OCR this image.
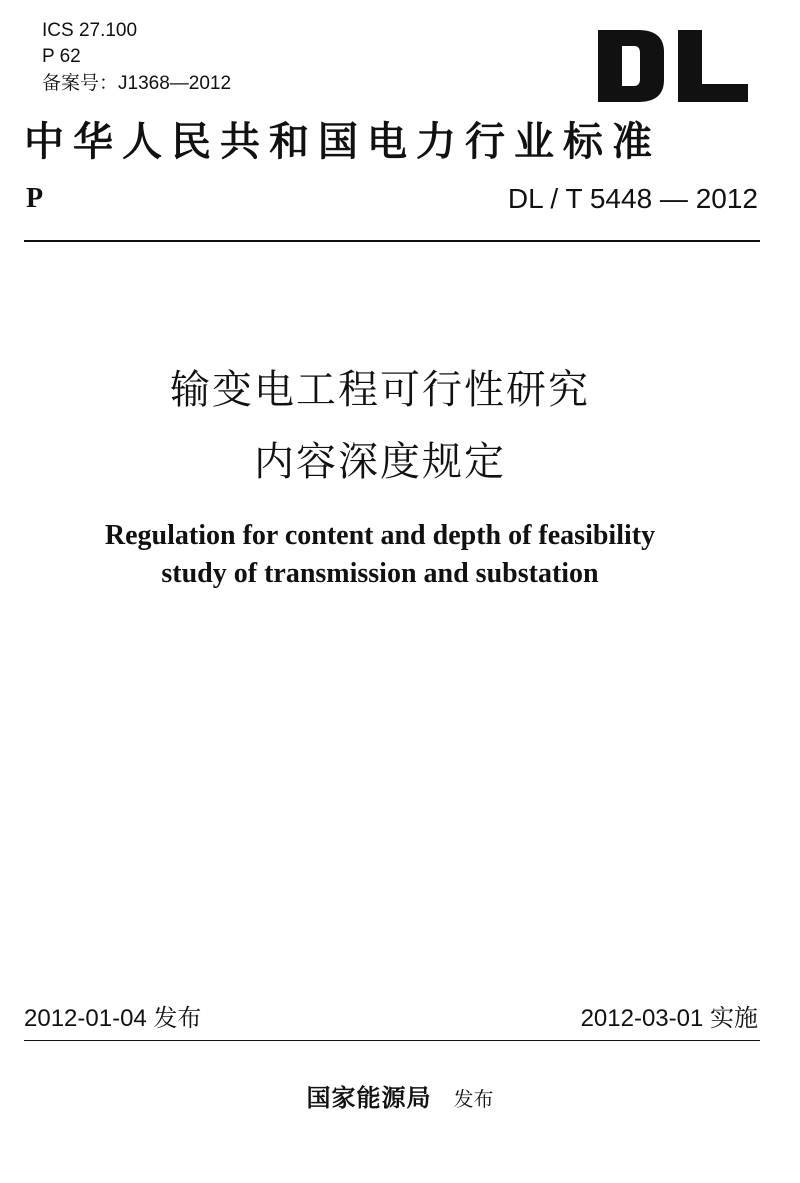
ICS 27.100
P 62
备案号：J1368—2012
中华人民共和国电力行业标准
P	DL / T 5448 — 2012
输变电工程可行性研究
内容深度规定
Regulation for content and depth of feasibility
study of transmission and substation
2012-01-04 发布	2012-03-01 实施
国家能源局 发布
